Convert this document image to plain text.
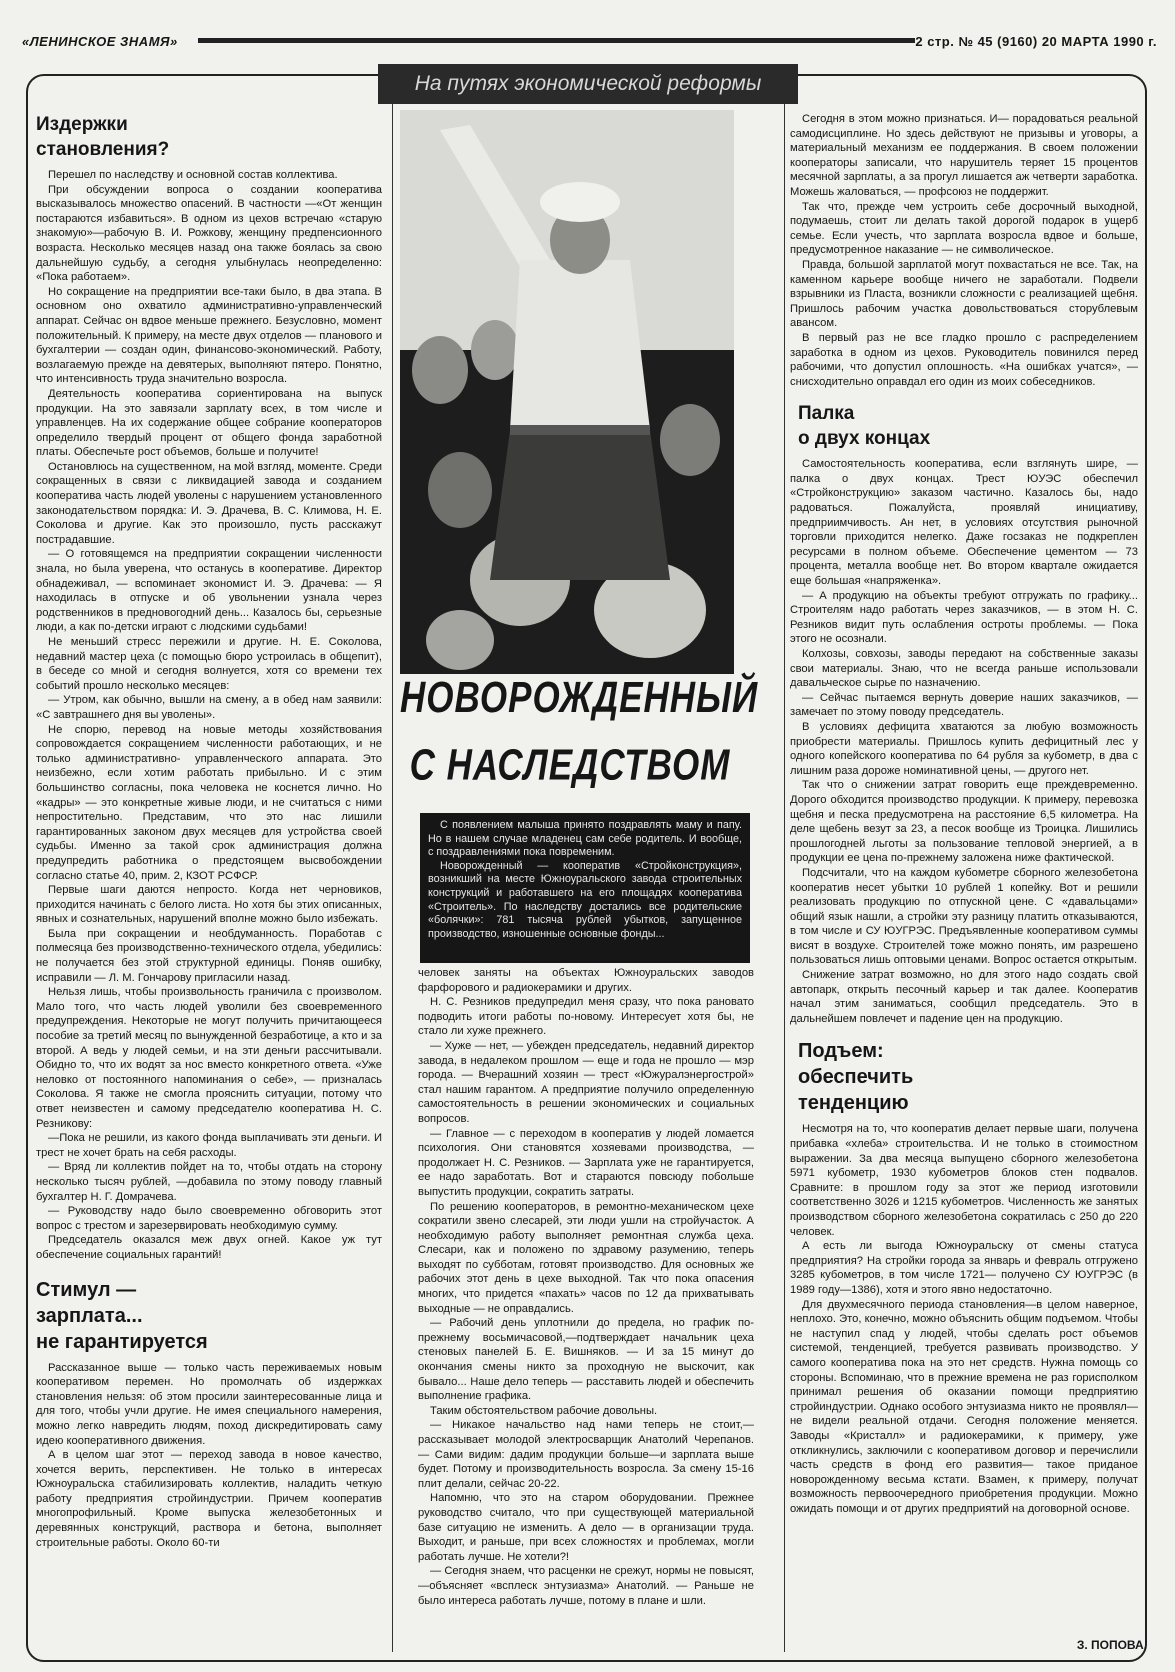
«ЛЕНИНСКОЕ ЗНАМЯ»	2 стр. № 45 (9160) 20 МАРТА 1990 г.
На путях экономической реформы
Издержки
становления?

Перешел по наследству и основной состав коллектива.

При обсуждении вопроса о создании кооператива высказывалось множество опасений. В частности —«От женщин постараются избавиться». В одном из цехов встречаю «старую знакомую»—рабочую В. И. Рожкову, женщину предпенсионного возраста. Несколько месяцев назад она также боялась за свою дальнейшую судьбу, а сегодня улыбнулась неопределенно: «Пока работаем».

Но сокращение на предприятии все-таки было, в два этапа. В основном оно охватило административно-управленческий аппарат. Сейчас он вдвое меньше прежнего. Безусловно, момент положительный. К примеру, на месте двух отделов — планового и бухгалтерии — создан один, финансово-экономический. Работу, возлагаемую прежде на девятерых, выполняют пятеро. Понятно, что интенсивность труда значительно возросла.

Деятельность кооператива сориентирована на выпуск продукции. На это завязали зарплату всех, в том числе и управленцев. На их содержание общее собрание кооператоров определило твердый процент от общего фонда заработной платы. Обеспечьте рост объемов, больше и получите!

Остановлюсь на существенном, на мой взгляд, моменте. Среди сокращенных в связи с ликвидацией завода и созданием кооператива часть людей уволены с нарушением установленного законодательством порядка: И. Э. Драчева, В. С. Климова, Н. Е. Соколова и другие. Как это произошло, пусть расскажут пострадавшие.

— О готовящемся на предприятии сокращении численности знала, но была уверена, что останусь в кооперативе. Директор обнадеживал, — вспоминает экономист И. Э. Драчева: — Я находилась в отпуске и об увольнении узнала через родственников в предновогодний день... Казалось бы, серьезные люди, а как по-детски играют с людскими судьбами!

Не меньший стресс пережили и другие. Н. Е. Соколова, недавний мастер цеха (с помощью бюро устроилась в общепит), в беседе со мной и сегодня волнуется, хотя со времени тех событий прошло несколько месяцев:

— Утром, как обычно, вышли на смену, а в обед нам заявили: «С завтрашнего дня вы уволены».

Не спорю, перевод на новые методы хозяйствования сопровождается сокращением численности работающих, и не только административно- управленческого аппарата. Это неизбежно, если хотим работать прибыльно. И с этим большинство согласны, пока человека не коснется лично. Но «кадры» — это конкретные живые люди, и не считаться с ними непростительно. Представим, что это нас лишили гарантированных законом двух месяцев для устройства своей судьбы. Именно за такой срок администрация должна предупредить работника о предстоящем высвобождении согласно статье 40, прим. 2, КЗОТ РСФСР.

Первые шаги даются непросто. Когда нет черновиков, приходится начинать с белого листа. Но хотя бы этих описанных, явных и сознательных, нарушений вполне можно было избежать.

Была при сокращении и необдуманность. Поработав с полмесяца без производственно-технического отдела, убедились: не получается без этой структурной единицы. Поняв ошибку, исправили — Л. М. Гончарову пригласили назад.

Нельзя лишь, чтобы произвольность граничила с произволом. Мало того, что часть людей уволили без своевременного предупреждения. Некоторые не могут получить причитающееся пособие за третий месяц по вынужденной безработице, а кто и за второй. А ведь у людей семьи, и на эти деньги рассчитывали. Обидно то, что их водят за нос вместо конкретного ответа. «Уже неловко от постоянного напоминания о себе», — призналась Соколова. Я также не смогла прояснить ситуации, потому что ответ неизвестен и самому председателю кооператива Н. С. Резникову:

—Пока не решили, из какого фонда выплачивать эти деньги. И трест не хочет брать на себя расходы.

— Вряд ли коллектив пойдет на то, чтобы отдать на сторону несколько тысяч рублей, —добавила по этому поводу главный бухгалтер Н. Г. Домрачева.

— Руководству надо было своевременно обговорить этот вопрос с трестом и зарезервировать необходимую сумму.

Председатель оказался меж двух огней. Какое уж тут обеспечение социальных гарантий!

Стимул —
зарплата...
не гарантируется

Рассказанное выше — только часть переживаемых новым кооперативом перемен. Но промолчать об издержках становления нельзя: об этом просили заинтересованные лица и для того, чтобы учли другие. Не имея специального намерения, можно легко навредить людям, поход дискредитировать саму идею кооперативного движения.

А в целом шаг этот — переход завода в новое качество, хочется верить, перспективен. Не только в интересах Южноуральска стабилизировать коллектив, наладить четкую работу предприятия стройиндустрии. Причем кооператив многопрофильный. Кроме выпуска железобетонных и деревянных конструкций, раствора и бетона, выполняет строительные работы. Около 60-ти

НОВОРОЖДЕННЫЙ
С НАСЛЕДСТВОМ

С появлением малыша принято поздравлять маму и папу. Но в нашем случае младенец сам себе родитель. И вообще, с поздравлениями пока повременим.

Новорожденный — кооператив «Стройконструкция», возникший на месте Южноуральского завода строительных конструкций и работавшего на его площадях кооператива «Строитель». По наследству достались все родительские «болячки»: 781 тысяча рублей убытков, запущенное производство, изношенные основные фонды...

человек заняты на объектах Южноуральских заводов фарфорового и радиокерамики и других.

Н. С. Резников предупредил меня сразу, что пока рановато подводить итоги работы по-новому. Интересует хотя бы, не стало ли хуже прежнего.

— Хуже — нет, — убежден председатель, недавний директор завода, в недалеком прошлом — еще и года не прошло — мэр города. — Вчерашний хозяин — трест «Южуралэнергострой» стал нашим гарантом. А предприятие получило определенную самостоятельность в решении экономических и социальных вопросов.

— Главное — с переходом в кооператив у людей ломается психология. Они становятся хозяевами производства, — продолжает Н. С. Резников. — Зарплата уже не гарантируется, ее надо заработать. Вот и стараются повсюду побольше выпустить продукции, сократить затраты.

По решению кооператоров, в ремонтно-механическом цехе сократили звено слесарей, эти люди ушли на стройучасток. А необходимую работу выполняет ремонтная служба цеха. Слесари, как и положено по здравому разумению, теперь выходят по субботам, готовят производство. Для основных же рабочих этот день в цехе выходной. Так что пока опасения многих, что придется «пахать» часов по 12 да прихватывать выходные — не оправдались.

— Рабочий день уплотнили до предела, но график по-прежнему восьмичасовой,—подтверждает начальник цеха стеновых панелей Б. Е. Вишняков. — И за 15 минут до окончания смены никто за проходную не выскочит, как бывало... Наше дело теперь — расставить людей и обеспечить выполнение графика.

Таким обстоятельством рабочие довольны.

— Никакое начальство над нами теперь не стоит,— рассказывает молодой электросварщик Анатолий Черепанов. — Сами видим: дадим продукции больше—и зарплата выше будет. Потому и производительность возросла. За смену 15-16 плит делали, сейчас 20-22.

Напомню, что это на старом оборудовании. Прежнее руководство считало, что при существующей материальной базе ситуацию не изменить. А дело — в организации труда. Выходит, и раньше, при всех сложностях и проблемах, могли работать лучше. Не хотели?!

— Сегодня знаем, что расценки не срежут, нормы не повысят, —объясняет «всплеск энтузиазма» Анатолий. — Раньше не было интереса работать лучше, потому в плане и шли.

Сегодня в этом можно признаться. И— порадоваться реальной самодисциплине. Но здесь действуют не призывы и уговоры, а материальный механизм ее поддержания. В своем положении кооператоры записали, что нарушитель теряет 15 процентов месячной зарплаты, а за прогул лишается аж четверти заработка. Можешь жаловаться, — профсоюз не поддержит.

Так что, прежде чем устроить себе досрочный выходной, подумаешь, стоит ли делать такой дорогой подарок в ущерб семье. Если учесть, что зарплата возросла вдвое и больше, предусмотренное наказание — не символическое.

Правда, большой зарплатой могут похвастаться не все. Так, на каменном карьере вообще ничего не заработали. Подвели взрывники из Пласта, возникли сложности с реализацией щебня. Пришлось рабочим участка довольствоваться сторублевым авансом.

В первый раз не все гладко прошло с распределением заработка в одном из цехов. Руководитель повинился перед рабочими, что допустил оплошность. «На ошибках учатся», — снисходительно оправдал его один из моих собеседников.

Палка
о двух концах

Самостоятельность кооператива, если взглянуть шире, — палка о двух концах. Трест ЮУЭС обеспечил «Стройконструкцию» заказом частично. Казалось бы, надо радоваться. Пожалуйста, проявляй инициативу, предприимчивость. Ан нет, в условиях отсутствия рыночной торговли приходится нелегко. Даже госзаказ не подкреплен ресурсами в полном объеме. Обеспечение цементом — 73 процента, металла вообще нет. Во втором квартале ожидается еще большая «напряженка».

— А продукцию на объекты требуют отгружать по графику... Строителям надо работать через заказчиков, — в этом Н. С. Резников видит путь ослабления остроты проблемы. — Пока этого не осознали.

Колхозы, совхозы, заводы передают на собственные заказы свои материалы. Знаю, что не всегда раньше использовали давальческое сырье по назначению.

— Сейчас пытаемся вернуть доверие наших заказчиков, — замечает по этому поводу председатель.

В условиях дефицита хватаются за любую возможность приобрести материалы. Пришлось купить дефицитный лес у одного копейского кооператива по 64 рубля за кубометр, в два с лишним раза дороже номинативной цены, — другого нет.

Так что о снижении затрат говорить еще преждевременно. Дорого обходится производство продукции. К примеру, перевозка щебня и песка предусмотрена на расстояние 6,5 километра. На деле щебень везут за 23, а песок вообще из Троицка. Лишились прошлогодней льготы за пользование тепловой энергией, а в продукции ее цена по-прежнему заложена ниже фактической.

Подсчитали, что на каждом кубометре сборного железобетона кооператив несет убытки 10 рублей 1 копейку. Вот и решили реализовать продукцию по отпускной цене. С «давальцами» общий язык нашли, а стройки эту разницу платить отказываются, в том числе и СУ ЮУГРЭС. Предъявленные кооперативом суммы висят в воздухе. Строителей тоже можно понять, им разрешено пользоваться лишь оптовыми ценами. Вопрос остается открытым.

Снижение затрат возможно, но для этого надо создать свой автопарк, открыть песочный карьер и так далее. Кооператив начал этим заниматься, сообщил председатель. Это в дальнейшем повлечет и падение цен на продукцию.

Подъем:
обеспечить
тенденцию

Несмотря на то, что кооператив делает первые шаги, получена прибавка «хлеба» строительства. И не только в стоимостном выражении. За два месяца выпущено сборного железобетона 5971 кубометр, 1930 кубометров блоков стен подвалов. Сравните: в прошлом году за этот же период изготовили соответственно 3026 и 1215 кубометров. Численность же занятых производством сборного железобетона сократилась с 250 до 220 человек.

А есть ли выгода Южноуральску от смены статуса предприятия? На стройки города за январь и февраль отгружено 3285 кубометров, в том числе 1721— получено СУ ЮУГРЭС (в 1989 году—1386), хотя и этого явно недостаточно.

Для двухмесячного периода становления—в целом наверное, неплохо. Это, конечно, можно объяснить общим подъемом. Чтобы не наступил спад у людей, чтобы сделать рост объемов системой, тенденцией, требуется развивать производство. У самого кооператива пока на это нет средств. Нужна помощь со стороны. Вспоминаю, что в прежние времена не раз горисполком принимал решения об оказании помощи предприятию стройиндустрии. Однако особого энтузиазма никто не проявлял—не видели реальной отдачи. Сегодня положение меняется. Заводы «Кристалл» и радиокерамики, к примеру, уже откликнулись, заключили с кооперативом договор и перечислили часть средств в фонд его развития— такое приданое новорожденному весьма кстати. Взамен, к примеру, получат возможность первоочередного приобретения продукции. Можно ожидать помощи и от других предприятий на договорной основе.

З. ПОПОВА.
